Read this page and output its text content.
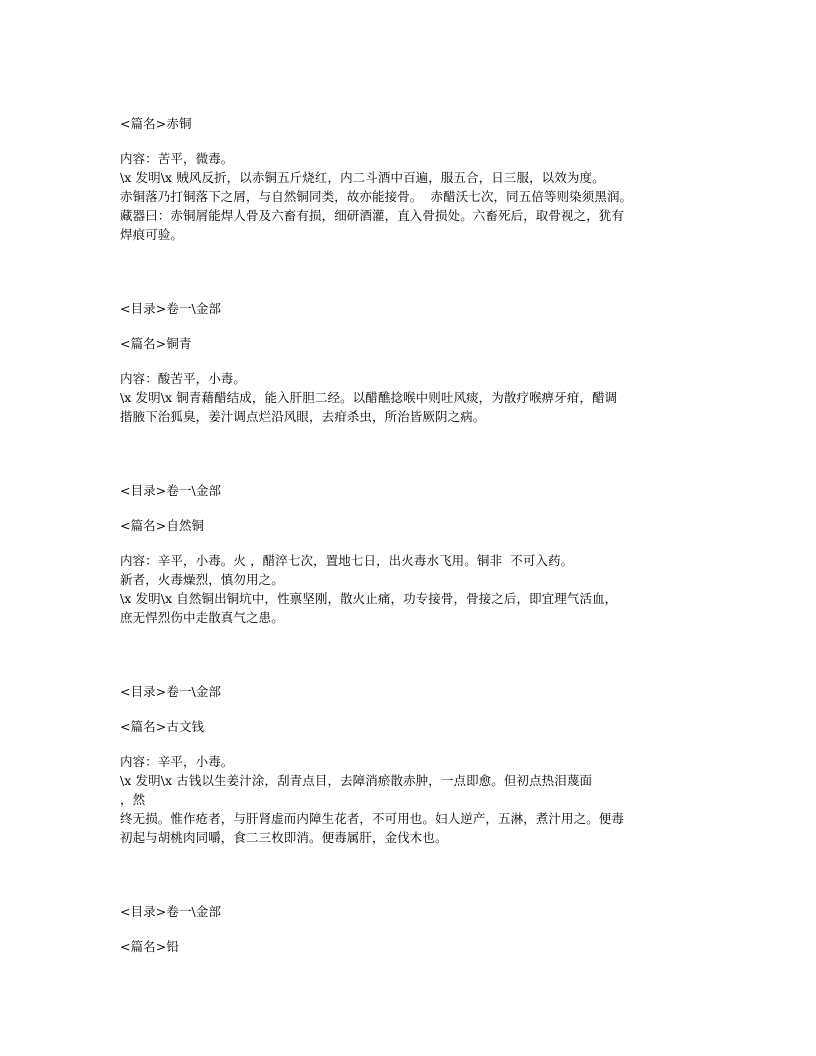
<篇名>赤铜
内容：苦平，微毒。
\x 发明\x 贼风反折，以赤铜五斤烧红，内二斗酒中百遍，服五合，日三服，以效为度。
赤铜落乃打铜落下之屑，与自然铜同类，故亦能接骨。  赤醋沃七次，同五倍等则染须黑润。
藏器曰：赤铜屑能焊人骨及六畜有损，细研酒灌，直入骨损处。六畜死后，取骨视之，犹有
焊痕可验。
<目录>卷一\金部
<篇名>铜青
内容：酸苦平，小毒。
\x 发明\x 铜青藉醋结成，能入肝胆二经。以醋醮捻喉中则吐风痰，为散疗喉痹牙疳，醋调
揩腋下治狐臭，姜汁调点烂沿风眼，去疳杀虫，所治皆厥阴之病。
<目录>卷一\金部
<篇名>自然铜
内容：辛平，小毒。火 ，醋淬七次，置地七日，出火毒水飞用。铜非  不可入药。
新者，火毒燥烈，慎勿用之。
\x 发明\x 自然铜出铜坑中，性禀坚刚，散火止痛，功专接骨，骨接之后，即宜理气活血，
庶无悍烈伤中走散真气之患。
<目录>卷一\金部
<篇名>古文钱
内容：辛平，小毒。
\x 发明\x 古钱以生姜汁涂，刮青点目，去障消瘀散赤肿，一点即愈。但初点热泪蔑面
，然
终无损。惟作疮者，与肝肾虚而内障生花者，不可用也。妇人逆产，五淋，煮汁用之。便毒
初起与胡桃肉同嚼，食二三枚即消。便毒属肝，金伐木也。
<目录>卷一\金部
<篇名>铅
